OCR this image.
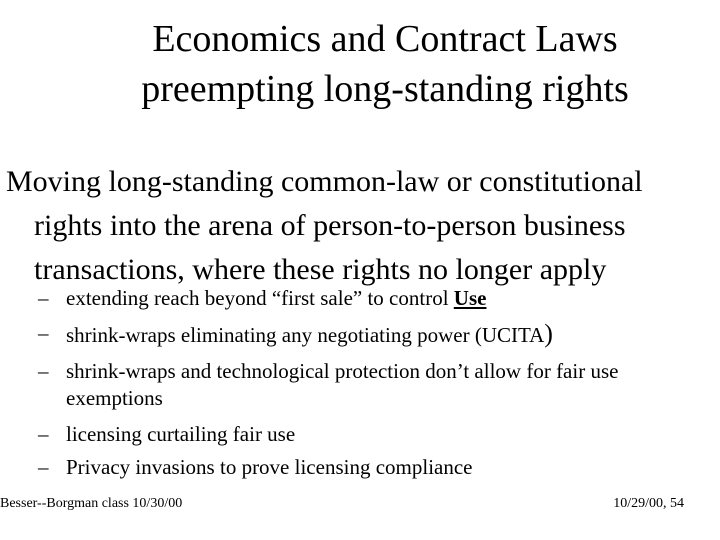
Economics and Contract Laws
preempting long-standing rights
Moving long-standing common-law or constitutional
rights into the arena of person-to-person business
transactions, where these rights no longer apply
– extending reach beyond “first sale” to control Use
– shrink-wraps eliminating any negotiating power (UCITA)
– shrink-wraps and technological protection don’t allow for fair use
exemptions
– licensing curtailing fair use
– Privacy invasions to prove licensing compliance
Besser--Borgman class 10/30/00	10/29/00, 54
